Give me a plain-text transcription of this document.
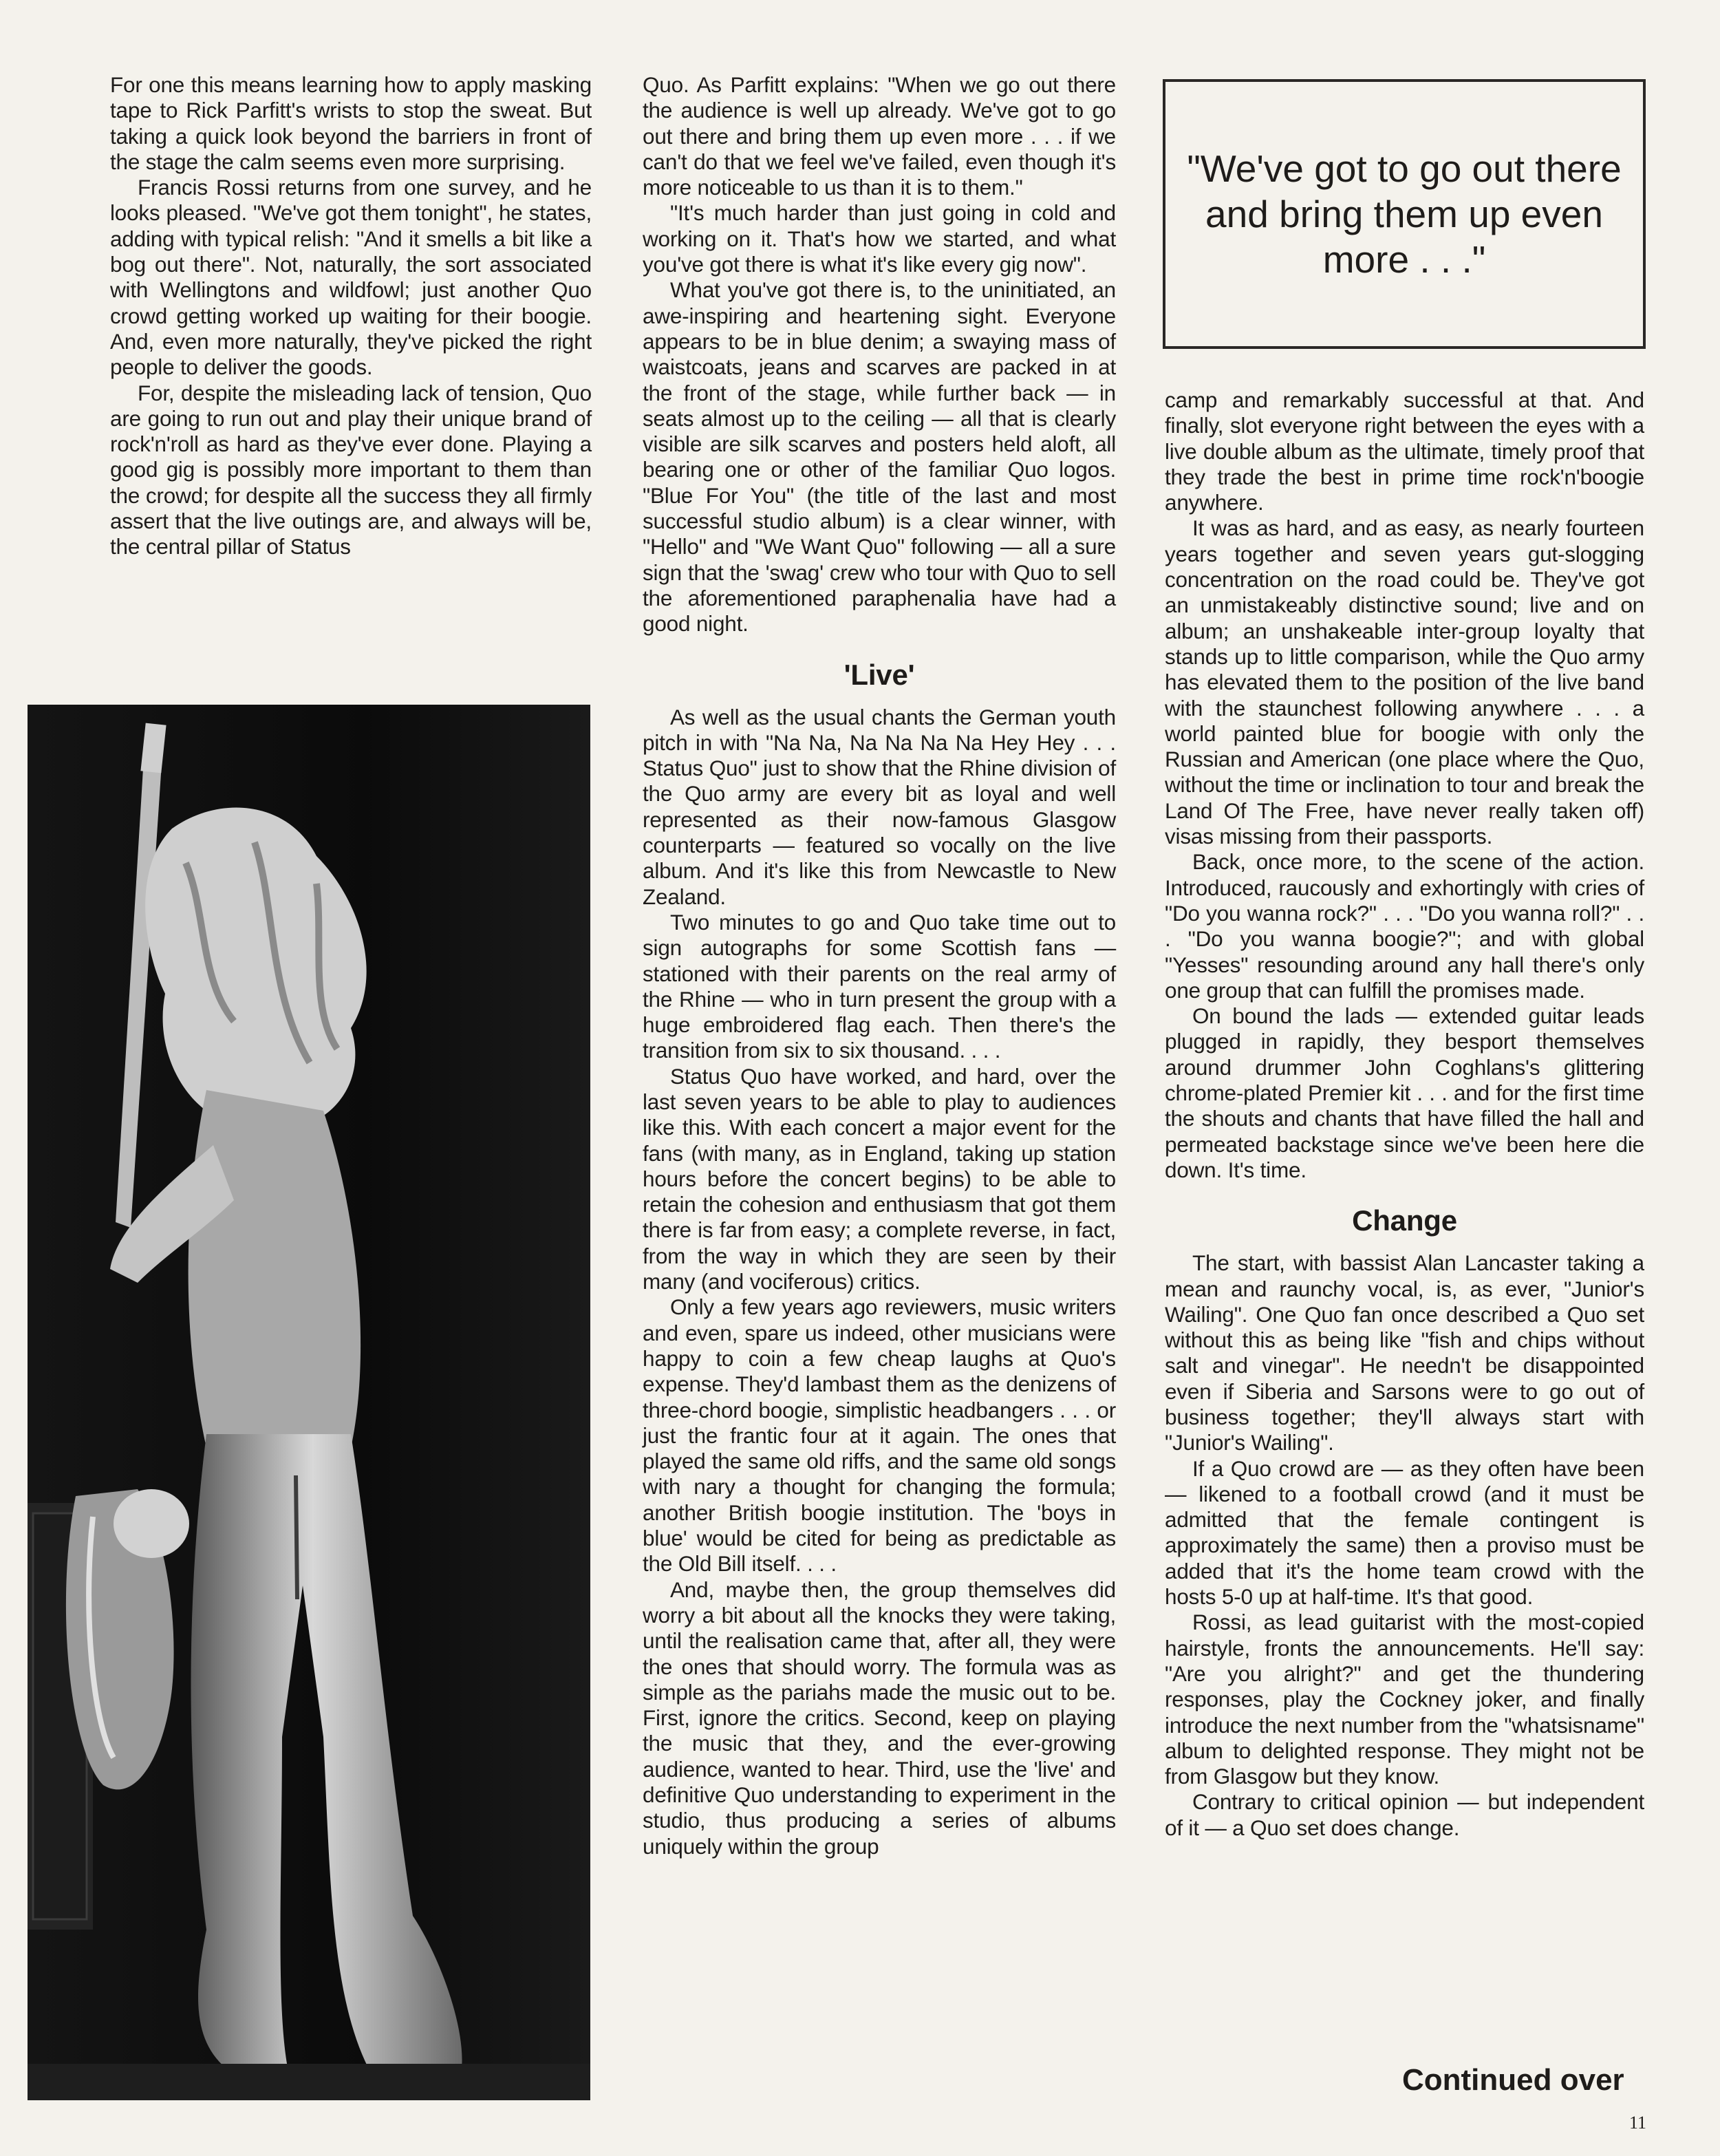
For one this means learning how to apply masking tape to Rick Parfitt's wrists to stop the sweat. But taking a quick look beyond the barriers in front of the stage the calm seems even more surprising.

Francis Rossi returns from one survey, and he looks pleased. "We've got them tonight", he states, adding with typical relish: "And it smells a bit like a bog out there". Not, naturally, the sort associated with Wellingtons and wildfowl; just another Quo crowd getting worked up waiting for their boogie. And, even more naturally, they've picked the right people to deliver the goods.

For, despite the misleading lack of tension, Quo are going to run out and play their unique brand of rock'n'roll as hard as they've ever done. Playing a good gig is possibly more important to them than the crowd; for despite all the success they all firmly assert that the live outings are, and always will be, the central pillar of Status

Quo. As Parfitt explains: "When we go out there the audience is well up already. We've got to go out there and bring them up even more . . . if we can't do that we feel we've failed, even though it's more noticeable to us than it is to them."

"It's much harder than just going in cold and working on it. That's how we started, and what you've got there is what it's like every gig now".

What you've got there is, to the uninitiated, an awe-inspiring and heartening sight. Everyone appears to be in blue denim; a swaying mass of waistcoats, jeans and scarves are packed in at the front of the stage, while further back — in seats almost up to the ceiling — all that is clearly visible are silk scarves and posters held aloft, all bearing one or other of the familiar Quo logos. "Blue For You" (the title of the last and most successful studio album) is a clear winner, with "Hello" and "We Want Quo" following — all a sure sign that the 'swag' crew who tour with Quo to sell the aforementioned paraphenalia have had a good night.

'Live'

As well as the usual chants the German youth pitch in with "Na Na, Na Na Na Na Hey Hey . . . Status Quo" just to show that the Rhine division of the Quo army are every bit as loyal and well represented as their now-famous Glasgow counterparts — featured so vocally on the live album. And it's like this from Newcastle to New Zealand.

Two minutes to go and Quo take time out to sign autographs for some Scottish fans — stationed with their parents on the real army of the Rhine — who in turn present the group with a huge embroidered flag each. Then there's the transition from six to six thousand. . . .

Status Quo have worked, and hard, over the last seven years to be able to play to audiences like this. With each concert a major event for the fans (with many, as in England, taking up station hours before the concert begins) to be able to retain the cohesion and enthusiasm that got them there is far from easy; a complete reverse, in fact, from the way in which they are seen by their many (and vociferous) critics.

Only a few years ago reviewers, music writers and even, spare us indeed, other musicians were happy to coin a few cheap laughs at Quo's expense. They'd lambast them as the denizens of three-chord boogie, simplistic headbangers . . . or just the frantic four at it again. The ones that played the same old riffs, and the same old songs with nary a thought for changing the formula; another British boogie institution. The 'boys in blue' would be cited for being as predictable as the Old Bill itself. . . .

And, maybe then, the group themselves did worry a bit about all the knocks they were taking, until the realisation came that, after all, they were the ones that should worry. The formula was as simple as the pariahs made the music out to be. First, ignore the critics. Second, keep on playing the music that they, and the ever-growing audience, wanted to hear. Third, use the 'live' and definitive Quo understanding to experiment in the studio, thus producing a series of albums uniquely within the group

"We've got to go out there and bring them up even more . . ."

camp and remarkably successful at that. And finally, slot everyone right between the eyes with a live double album as the ultimate, timely proof that they trade the best in prime time rock'n'boogie anywhere.

It was as hard, and as easy, as nearly fourteen years together and seven years gut-slogging concentration on the road could be. They've got an unmistakeably distinctive sound; live and on album; an unshakeable inter-group loyalty that stands up to little comparison, while the Quo army has elevated them to the position of the live band with the staunchest following anywhere . . . a world painted blue for boogie with only the Russian and American (one place where the Quo, without the time or inclination to tour and break the Land Of The Free, have never really taken off) visas missing from their passports.

Back, once more, to the scene of the action. Introduced, raucously and exhortingly with cries of "Do you wanna rock?" . . . "Do you wanna roll?" . . . "Do you wanna boogie?"; and with global "Yesses" resounding around any hall there's only one group that can fulfill the promises made.

On bound the lads — extended guitar leads plugged in rapidly, they besport themselves around drummer John Coghlans's glittering chrome-plated Premier kit . . . and for the first time the shouts and chants that have filled the hall and permeated backstage since we've been here die down. It's time.

Change

The start, with bassist Alan Lancaster taking a mean and raunchy vocal, is, as ever, "Junior's Wailing". One Quo fan once described a Quo set without this as being like "fish and chips without salt and vinegar". He needn't be disappointed even if Siberia and Sarsons were to go out of business together; they'll always start with "Junior's Wailing".

If a Quo crowd are — as they often have been — likened to a football crowd (and it must be admitted that the female contingent is approximately the same) then a proviso must be added that it's the home team crowd with the hosts 5-0 up at half-time. It's that good.

Rossi, as lead guitarist with the most-copied hairstyle, fronts the announcements. He'll say: "Are you alright?" and get the thundering responses, play the Cockney joker, and finally introduce the next number from the "whatsisname" album to delighted response. They might not be from Glasgow but they know.

Contrary to critical opinion — but independent of it — a Quo set does change.

Continued over
11
